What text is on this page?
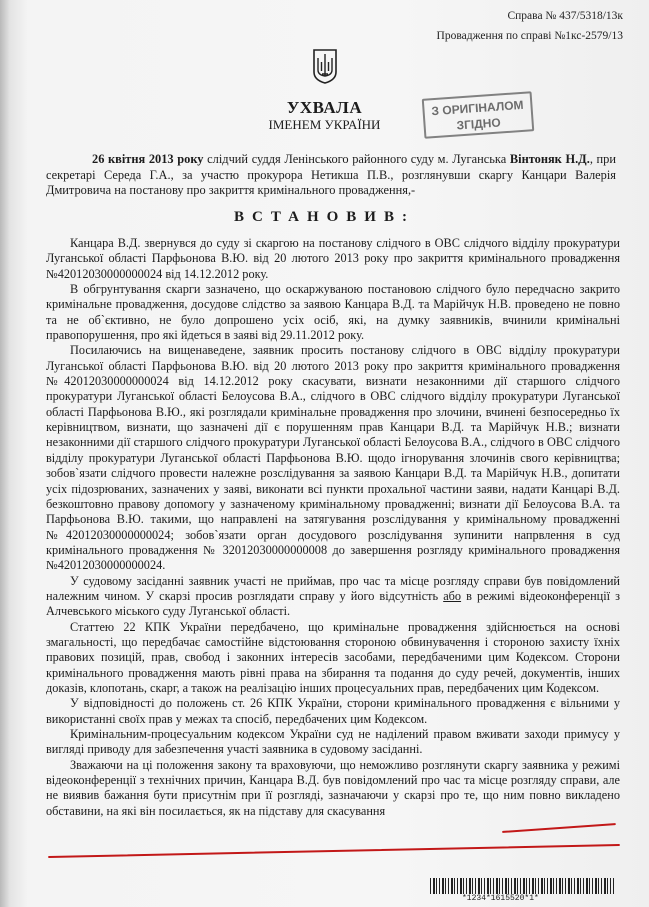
Справа № 437/5318/13к
Провадження по справі №1кс-2579/13
УХВАЛА
ІМЕНЕМ УКРАЇНИ
З ОРИГІНАЛОМ
ЗГІДНО
26 квітня 2013 року слідчий суддя Ленінського районного суду м. Луганська Вінтоняк Н.Д., при секретарі Середа Г.А., за участю прокурора Нетикша П.В., розглянувши скаргу Канцари Валерія Дмитровича на постанову про закриття кримінального провадження,-
ВСТАНОВИВ:

Канцара В.Д. звернувся до суду зі скаргою на постанову слідчого в ОВС слідчого відділу прокуратури Луганської області Парфьонова В.Ю. від 20 лютого 2013 року про закриття кримінального провадження №42012030000000024 від 14.12.2012 року.

В обгрунтування скарги зазначено, що оскаржуваною постановою слідчого було передчасно закрито кримінальне провадження, досудове слідство за заявою Канцара В.Д. та Марійчук Н.В. проведено не повно та не об`єктивно, не було допрошено усіх осіб, які, на думку заявників, вчинили кримінальні правопорушення, про які йдеться в заяві від 29.11.2012 року.

Посилаючись на вищенаведене, заявник просить постанову слідчого в ОВС відділу прокуратури Луганської області Парфьонова В.Ю. від 20 лютого 2013 року про закриття кримінального провадження №42012030000000024 від 14.12.2012 року скасувати, визнати незаконними дії старшого слідчого прокуратури Луганської області Белоусова В.А., слідчого в ОВС слідчого відділу прокуратури Луганської області Парфьонова В.Ю., які розглядали кримінальне провадження про злочини, вчинені безпосередньо їх керівництвом, визнати, що зазначені дії є порушенням прав Канцари В.Д. та Марійчук Н.В.; визнати незаконними дії старшого слідчого прокуратури Луганської області Белоусова В.А., слідчого в ОВС слідчого відділу прокуратури Луганської області Парфьонова В.Ю. щодо ігнорування злочинів свого керівництва; зобов`язати слідчого провести належне розслідування за заявою Канцари В.Д. та Марійчук Н.В., допитати усіх підозрюваних, зазначених у заяві, виконати всі пункти прохальної частини заяви, надати Канцарі В.Д. безкоштовно правову допомогу у зазначеному кримінальному провадженні; визнати дії Белоусова В.А. та Парфьонова В.Ю. такими, що направлені на затягування розслідування у кримінальному провадженні №42012030000000024; зобов`язати орган досудового розслідування зупинити напрвлення в суд кримінального провадження № 32012030000000008 до завершення розгляду кримінального провадження №42012030000000024.

У судовому засіданні заявник участі не приймав, про час та місце розгляду справи був повідомлений належним чином. У скарзі просив розглядати справу у його відсутність або в режимі відеоконференції з Алчевського міського суду Луганської області.

Статтею 22 КПК України передбачено, що кримінальне провадження здійснюється на основі змагальності, що передбачає самостійне відстоювання стороною обвинувачення і стороною захисту їхніх правових позицій, прав, свобод і законних інтересів засобами, передбаченими цим Кодексом. Сторони кримінального провадження мають рівні права на збирання та подання до суду речей, документів, інших доказів, клопотань, скарг, а також на реалізацію інших процесуальних прав, передбачених цим Кодексом.

У відповідності до положень ст. 26 КПК України, сторони кримінального провадження є вільними у використанні своїх прав у межах та спосіб, передбачених цим Кодексом.

Кримінальним-процесуальним кодексом України суд не наділений правом вживати заходи примусу у вигляді приводу для забезпечення участі заявника в судовому засіданні.

Зважаючи на ці положення закону та враховуючи, що неможливо розглянути скаргу заявника у режимі відеоконференції з технічних причин, Канцара В.Д. був повідомлений про час та місце розгляду справи, але не виявив бажання бути присутнім при її розгляді, зазначаючи у скарзі про те, що ним повно викладено обставини, на які він посилається, як на підставу для скасування

*1234*1615520*1*
